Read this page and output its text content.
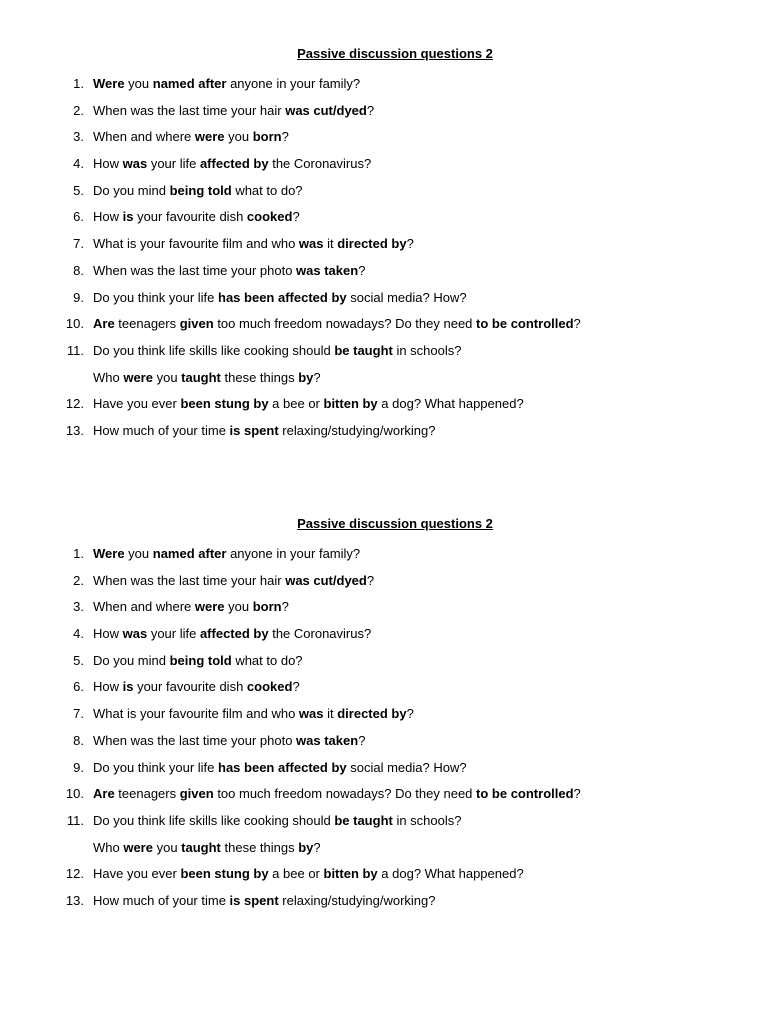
Passive discussion questions 2
1. Were you named after anyone in your family?
2. When was the last time your hair was cut/dyed?
3. When and where were you born?
4. How was your life affected by the Coronavirus?
5. Do you mind being told what to do?
6. How is your favourite dish cooked?
7. What is your favourite film and who was it directed by?
8. When was the last time your photo was taken?
9. Do you think your life has been affected by social media? How?
10. Are teenagers given too much freedom nowadays? Do they need to be controlled?
11. Do you think life skills like cooking should be taught in schools?
Who were you taught these things by?
12. Have you ever been stung by a bee or bitten by a dog? What happened?
13. How much of your time is spent relaxing/studying/working?
Passive discussion questions 2
1. Were you named after anyone in your family?
2. When was the last time your hair was cut/dyed?
3. When and where were you born?
4. How was your life affected by the Coronavirus?
5. Do you mind being told what to do?
6. How is your favourite dish cooked?
7. What is your favourite film and who was it directed by?
8. When was the last time your photo was taken?
9. Do you think your life has been affected by social media? How?
10. Are teenagers given too much freedom nowadays? Do they need to be controlled?
11. Do you think life skills like cooking should be taught in schools?
Who were you taught these things by?
12. Have you ever been stung by a bee or bitten by a dog? What happened?
13. How much of your time is spent relaxing/studying/working?
